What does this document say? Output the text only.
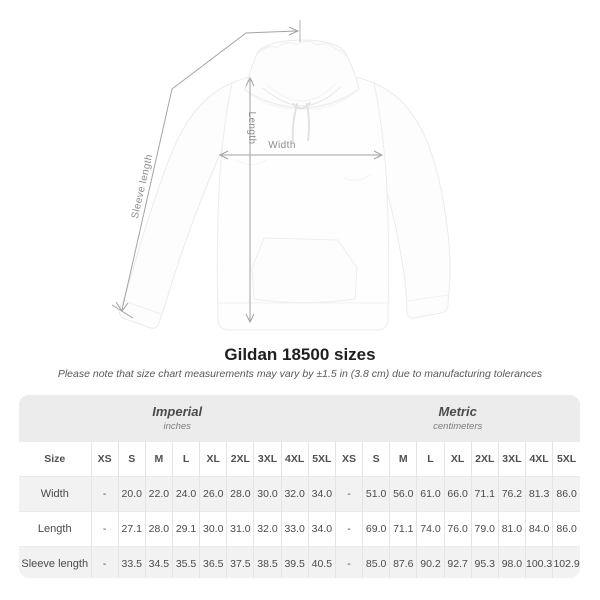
Sleeve length
Length
Width
Gildan 18500 sizes
Please note that size chart measurements may vary by ±1.5 in (3.8 cm) due to manufacturing tolerances
Imperial
inches

Metric
centimeters

Size	XS	S	M	L	XL	2XL	3XL	4XL	5XL	XS	S	M	L	XL	2XL	3XL	4XL	5XL
Width	-	20.0	22.0	24.0	26.0	28.0	30.0	32.0	34.0	-	51.0	56.0	61.0	66.0	71.1	76.2	81.3	86.0
Length	-	27.1	28.0	29.1	30.0	31.0	32.0	33.0	34.0	-	69.0	71.1	74.0	76.0	79.0	81.0	84.0	86.0
Sleeve length	-	33.5	34.5	35.5	36.5	37.5	38.5	39.5	40.5	-	85.0	87.6	90.2	92.7	95.3	98.0	100.3	102.9
